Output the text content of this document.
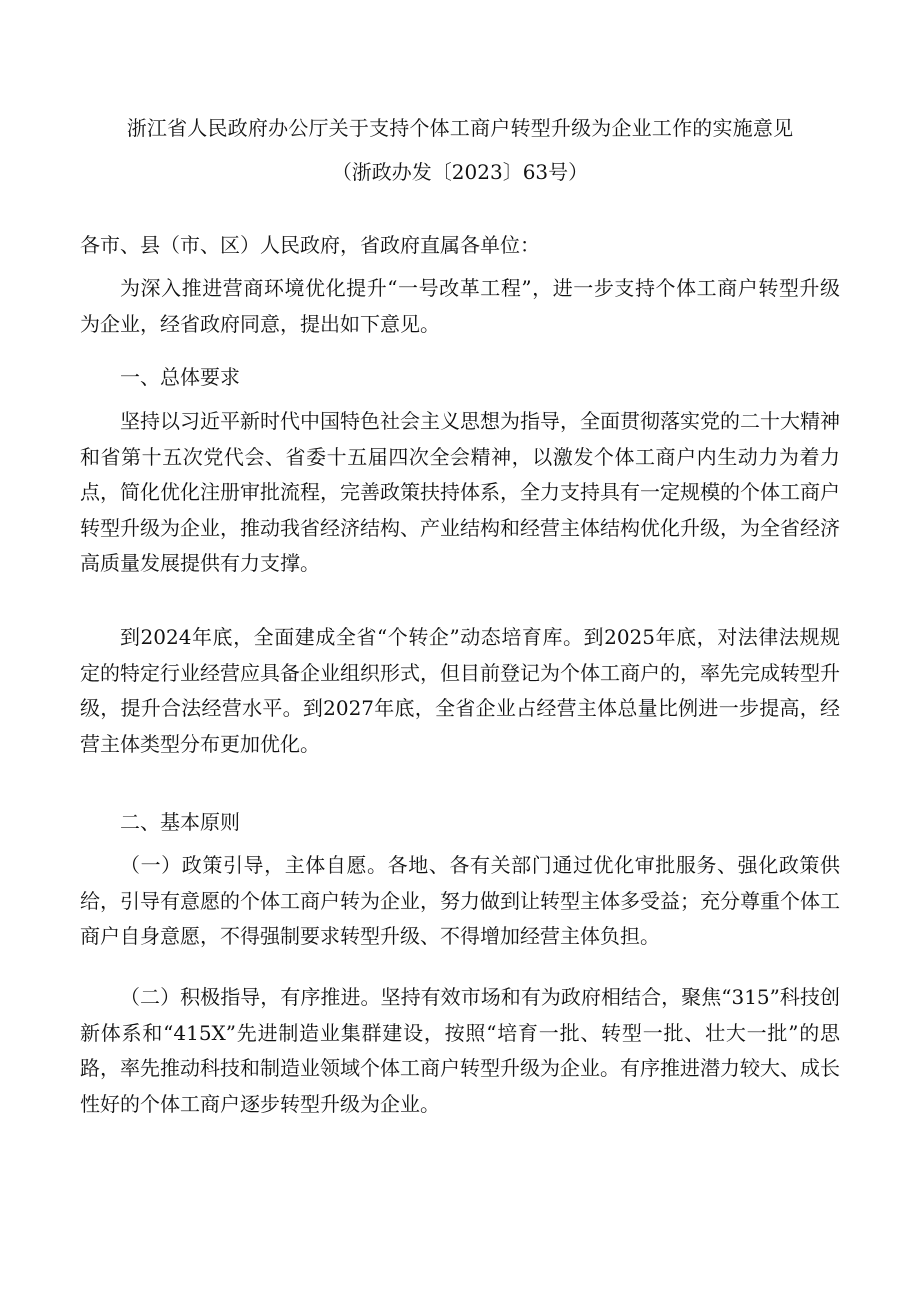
浙江省人民政府办公厅关于支持个体工商户转型升级为企业工作的实施意见
（浙政办发〔2023〕63号）

各市、县（市、区）人民政府，省政府直属各单位：

为深入推进营商环境优化提升“一号改革工程”，进一步支持个体工商户转型升级为企业，经省政府同意，提出如下意见。

一、总体要求

坚持以习近平新时代中国特色社会主义思想为指导，全面贯彻落实党的二十大精神和省第十五次党代会、省委十五届四次全会精神，以激发个体工商户内生动力为着力点，简化优化注册审批流程，完善政策扶持体系，全力支持具有一定规模的个体工商户转型升级为企业，推动我省经济结构、产业结构和经营主体结构优化升级，为全省经济高质量发展提供有力支撑。

到2024年底，全面建成全省“个转企”动态培育库。到2025年底，对法律法规规定的特定行业经营应具备企业组织形式，但目前登记为个体工商户的，率先完成转型升级，提升合法经营水平。到2027年底，全省企业占经营主体总量比例进一步提高，经营主体类型分布更加优化。

二、基本原则

（一）政策引导，主体自愿。各地、各有关部门通过优化审批服务、强化政策供给，引导有意愿的个体工商户转为企业，努力做到让转型主体多受益；充分尊重个体工商户自身意愿，不得强制要求转型升级、不得增加经营主体负担。

（二）积极指导，有序推进。坚持有效市场和有为政府相结合，聚焦“315”科技创新体系和“415X”先进制造业集群建设，按照“培育一批、转型一批、壮大一批”的思路，率先推动科技和制造业领域个体工商户转型升级为企业。有序推进潜力较大、成长性好的个体工商户逐步转型升级为企业。
